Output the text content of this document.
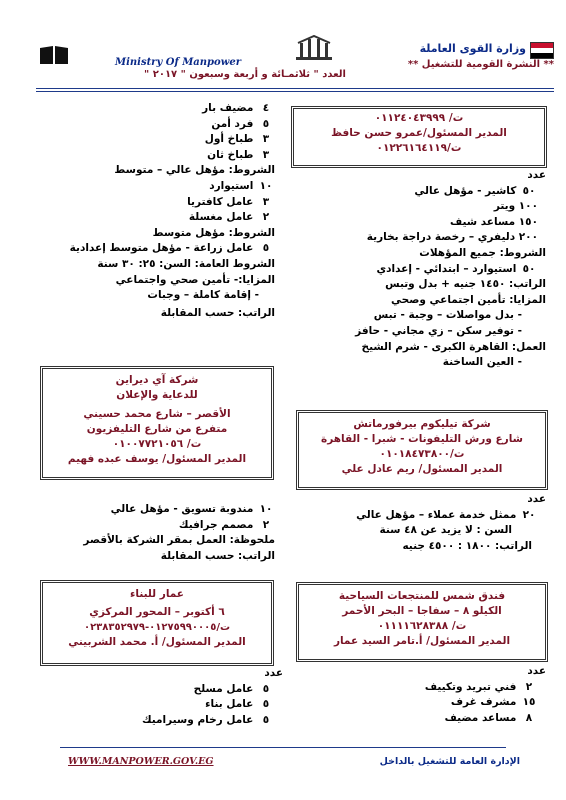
وزارة القوى العاملة
** النشرة القومية للتشغيل **
Ministry Of Manpower
العدد " ثلاثمـائة و أربعة وسبعون " ٢٠١٧ "
ت/ ٠١١٢٤٠٤٣٩٩٩
المدير المسئول/عمرو حسن حافظ
ت/٠١٢٢٦١٦٤١١٩
عدد
٥٠ كاشير - مؤهل عالي
١٠٠ ويتر
١٥٠ مساعد شيف
٢٠٠ دليفري – رخصة دراجة بخارية
الشروط: جميع المؤهلات
٥٠ استيوارد – ابتدائي - إعدادي
الراتب: ١٤٥٠ جنيه + بدل وتبس
المزايا: تأمين اجتماعي وصحي
- بدل مواصلات – وجبة - تبس
- توفير سكن – زي مجاني - حافز
العمل: القاهرة الكبرى - شرم الشيخ
- العين الساخنة
٤ مضيف بار
٥ فرد أمن
٣ طباخ أول
٣ طباخ ثان
الشروط: مؤهل عالي – متوسط
١٠ استيوارد
٣ عامل كافتريا
٢ عامل مغسلة
الشروط: مؤهل متوسط
٥ عامل زراعة - مؤهل متوسط إعدادية
الشروط العامة: السن: ٢٥: ٣٠ سنة
المزايا:- تأمين صحي واجتماعي
- إقامة كاملة – وجبات
الراتب: حسب المقابلة
شركة آي ديراين
للدعاية والإعلان
الأقصر – شارع محمد حسيني
متفرع من شارع التليفزيون
ت/ ٠١٠٠٧٧٢١٠٥٦
المدير المسئول/ يوسف عبده فهيم
شركة تيليكوم بيرفورماتش
شارع ورش التليفونات - شبرا - القاهرة
ت/٠١٠١٨٤٧٣٨٠٠
المدير المسئول/ ريم عادل علي
عدد
٢٠ ممثل خدمة عملاء – مؤهل عالي
السن : لا يزيد عن ٤٨ سنة
الراتب: ١٨٠٠ : ٤٥٠٠ جنيه
١٠ مندوبة تسويق - مؤهل عالي
٢ مصمم جرافيك
ملحوظة: العمل بمقر الشركة بالأقصر
الراتب: حسب المقابلة
فندق شمس للمنتجعات السياحية
الكيلو ٨ – سفاجا – البحر الأحمر
ت/ ٠١١١١٦٢٨٣٨٨
المدير المسئول/ أ.تامر السيد عمار
عمار للبناء
٦ أكتوبر – المحور المركزي
ت/٠١٢٧٥٩٩٠٠٠٥-٠٢٣٨٣٥٢٩٧٩
المدير المسئول/ أ. محمد الشربيني
عدد
٢ فني تبريد وتكييف
١٥ مشرف غرف
٨ مساعد مضيف
عدد
٥ عامل مسلح
٥ عامل بناء
٥ عامل رخام وسيراميك
WWW.MANPOWER.GOV.EG	الإدارة العامة للتشغيل بالداخل
